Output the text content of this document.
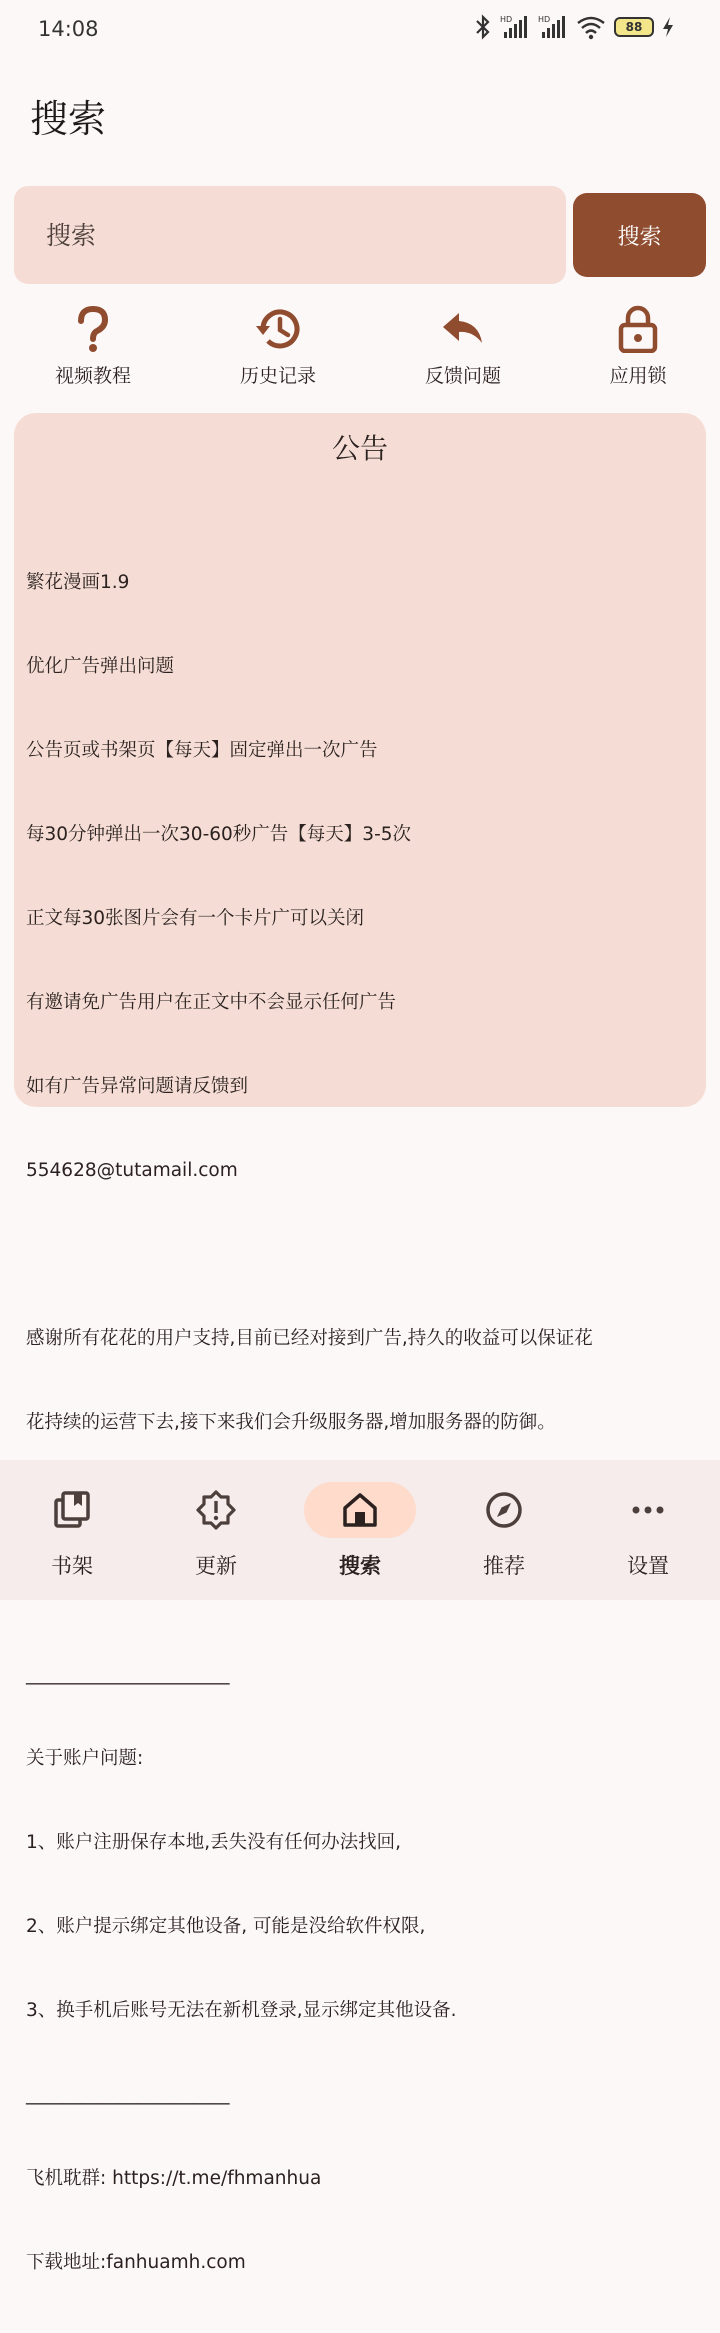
14:08	HD	HD
88
搜索
搜索
搜索
视频教程	历史记录	反馈问题	应用锁
公告

繁花漫画1.9

优化广告弹出问题

公告页或书架页【每天】固定弹出一次广告

每30分钟弹出一次30-60秒广告【每天】3-5次

正文每30张图片会有一个卡片广可以关闭

有邀请免广告用户在正文中不会显示任何广告

如有广告异常问题请反馈到

554628@tutamail.com

感谢所有花花的用户支持,目前已经对接到广告,持久的收益可以保证花

花持续的运营下去,接下来我们会升级服务器,增加服务器的防御。

______________________

关于账户问题:

1、账户注册保存本地,丢失没有任何办法找回,

2、账户提示绑定其他设备, 可能是没给软件权限,

3、换手机后账号无法在新机登录,显示绑定其他设备.

______________________

飞机耽群: https://t.me/fhmanhua

下载地址:fanhuamh.com

书架	更新	搜索	推荐	设置
